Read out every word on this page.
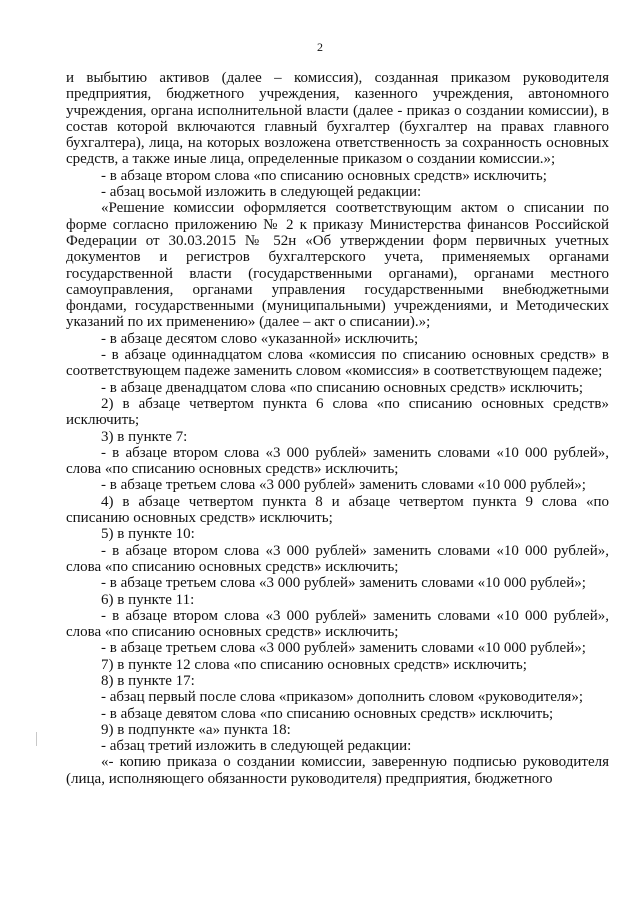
2

и выбытию активов (далее – комиссия), созданная приказом руководителя предприятия, бюджетного учреждения, казенного учреждения, автономного учреждения, органа исполнительной власти (далее - приказ о создании комиссии), в состав которой включаются главный бухгалтер (бухгалтер на правах главного бухгалтера), лица, на которых возложена ответственность за сохранность основных средств, а также иные лица, определенные приказом о создании комиссии.»;

- в абзаце втором слова «по списанию основных средств» исключить;

- абзац восьмой изложить в следующей редакции:

«Решение комиссии оформляется соответствующим актом о списании по форме согласно приложению № 2 к приказу Министерства финансов Российской Федерации от 30.03.2015 № 52н «Об утверждении форм первичных учетных документов и регистров бухгалтерского учета, применяемых органами государственной власти (государственными органами), органами местного самоуправления, органами управления государственными внебюджетными фондами, государственными (муниципальными) учреждениями, и Методических указаний по их применению» (далее – акт о списании).»;

- в абзаце десятом слово «указанной» исключить;

- в абзаце одиннадцатом слова «комиссия по списанию основных средств» в соответствующем падеже заменить словом «комиссия» в соответствующем падеже;

- в абзаце двенадцатом слова «по списанию основных средств» исключить;

2) в абзаце четвертом пункта 6 слова «по списанию основных средств» исключить;

3) в пункте 7:

- в абзаце втором слова «3 000 рублей» заменить словами «10 000 рублей», слова «по списанию основных средств» исключить;

- в абзаце третьем слова «3 000 рублей» заменить словами «10 000 рублей»;

4) в абзаце четвертом пункта 8 и абзаце четвертом пункта 9 слова «по списанию основных средств» исключить;

5) в пункте 10:

- в абзаце втором слова «3 000 рублей» заменить словами «10 000 рублей», слова «по списанию основных средств» исключить;

- в абзаце третьем слова «3 000 рублей» заменить словами «10 000 рублей»;

6) в пункте 11:

- в абзаце втором слова «3 000 рублей» заменить словами «10 000 рублей», слова «по списанию основных средств» исключить;

- в абзаце третьем слова «3 000 рублей» заменить словами «10 000 рублей»;

7) в пункте 12 слова «по списанию основных средств» исключить;

8) в пункте 17:

- абзац первый после слова «приказом» дополнить словом «руководителя»;

- в абзаце девятом слова «по списанию основных средств» исключить;

9) в подпункте «а» пункта 18:

- абзац третий изложить в следующей редакции:

«- копию приказа о создании комиссии, заверенную подписью руководителя (лица, исполняющего обязанности руководителя) предприятия, бюджетного
